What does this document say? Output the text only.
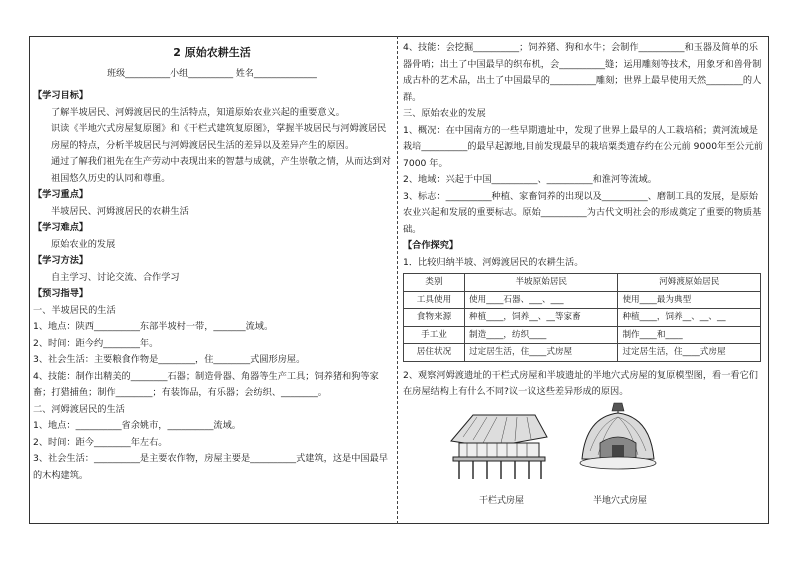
2 原始农耕生活
班级__________小组__________ 姓名______________
【学习目标】
了解半坡居民、河姆渡居民的生活特点，知道原始农业兴起的重要意义。
识读《半地穴式房屋复原图》和《干栏式建筑复原图》，掌握半坡居民与河姆渡居民房屋的特点，分析半坡居民与河姆渡居民生活的差异以及差异产生的原因。
通过了解我们祖先在生产劳动中表现出来的智慧与成就，产生崇敬之情，从而达到对祖国悠久历史的认同和尊重。
【学习重点】
半坡居民、河姆渡居民的农耕生活
【学习难点】
原始农业的发展
【学习方法】
自主学习、讨论交流、合作学习
【预习指导】
一、半坡居民的生活
1、地点：陕西__________东部半坡村一带，_______流域。
2、时间：距今约________年。
3、社会生活：主要粮食作物是________，住________式圆形房屋。
4、技能：制作出精美的________石器；制造骨器、角器等生产工具；饲养猪和狗等家畜；打猎捕鱼；制作________；有装饰品，有乐器；会纺织、________。
二、河姆渡居民的生活
1、地点：__________省余姚市，__________流域。
2、时间：距今________年左右。
3、社会生活：__________是主要农作物，房屋主要是__________式建筑，这是中国最早的木构建筑。
4、技能：会挖掘__________；饲养猪、狗和水牛；会制作__________和玉器及简单的乐器骨哨；出土了中国最早的织布机，会__________缝；运用雕刻等技术，用象牙和兽骨制成古朴的艺术品，出土了中国最早的__________雕刻；世界上最早使用天然________的人群。
三、原始农业的发展
1、概况：在中国南方的一些早期遗址中，发现了世界上最早的人工栽培稻；黄河流域是栽培__________的最早起源地,目前发现最早的栽培粟类遗存约在公元前 9000年至公元前 7000 年。
2、地域：兴起于中国__________、__________和淮河等流域。
3、标志：__________种植、家畜饲养的出现以及__________、磨制工具的发展，是原始农业兴起和发展的重要标志。原始__________为古代文明社会的形成奠定了重要的物质基础。
【合作探究】
1．比较归纳半坡、河姆渡居民的农耕生活。
类别	半坡原始居民	河姆渡原始居民
工具使用	使用____石器、___、___	使用____最为典型
食物来源	种植____，饲养__、__等家畜	种植____，饲养__、__、__
手工业	制造____，纺织____	制作____和____
居住状况	过定居生活，住____式房屋	过定居生活，住____式房屋
2、观察河姆渡遗址的干栏式房屋和半坡遗址的半地穴式房屋的复原模型图，看一看它们在房屋结构上有什么不同?议一议这些差异形成的原因。
干栏式房屋	半地穴式房屋
